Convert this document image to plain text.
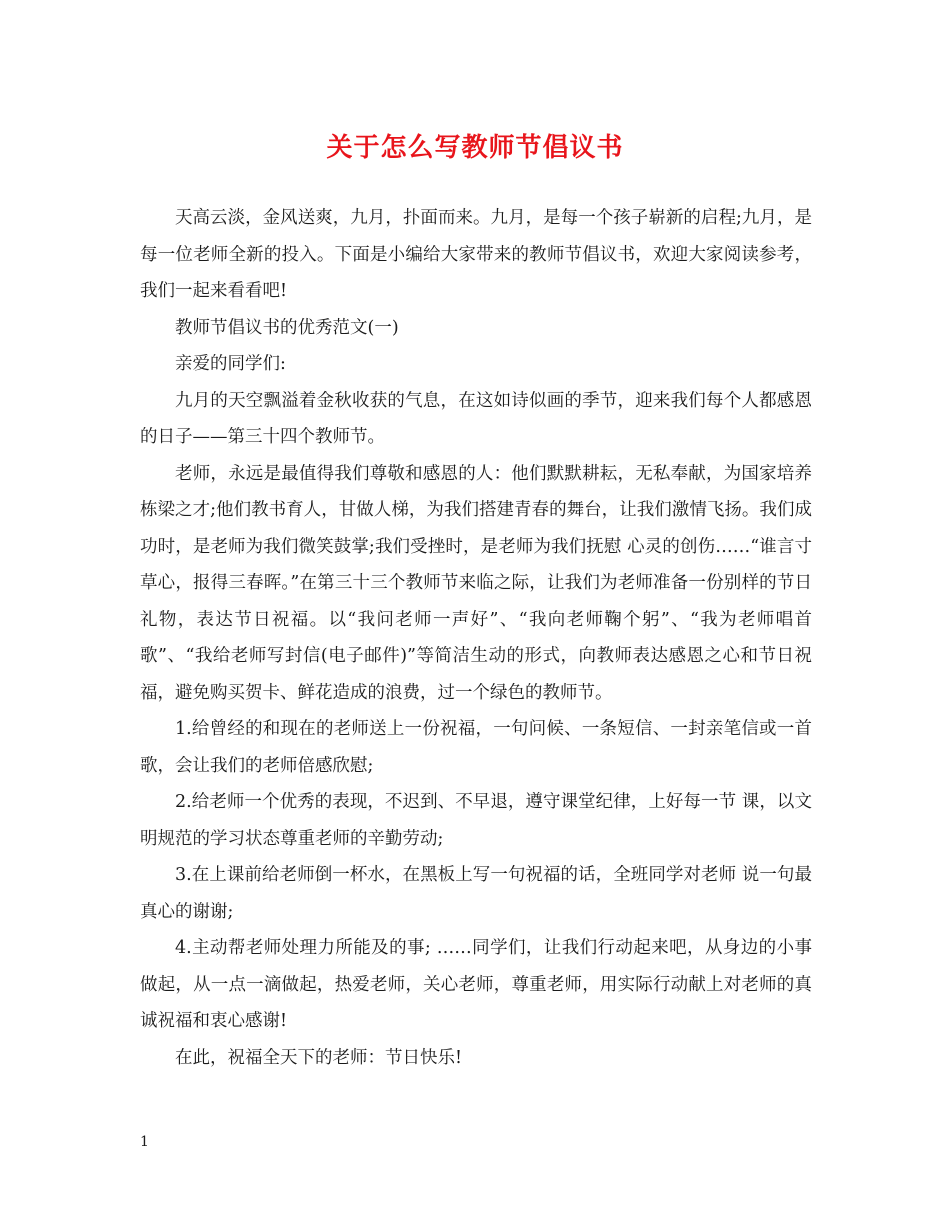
关于怎么写教师节倡议书

天高云淡，金风送爽，九月，扑面而来。九月，是每一个孩子崭新的启程;九月，是每一位老师全新的投入。下面是小编给大家带来的教师节倡议书，欢迎大家阅读参考，我们一起来看看吧!

教师节倡议书的优秀范文(一)

亲爱的同学们:

九月的天空飘溢着金秋收获的气息，在这如诗似画的季节，迎来我们每个人都感恩的日子——第三十四个教师节。

老师，永远是最值得我们尊敬和感恩的人：他们默默耕耘，无私奉献，为国家培养栋梁之才;他们教书育人，甘做人梯，为我们搭建青春的舞台，让我们激情飞扬。我们成功时，是老师为我们微笑鼓掌;我们受挫时，是老师为我们抚慰 心灵的创伤……“谁言寸草心，报得三春晖。”在第三十三个教师节来临之际，让我们为老师准备一份别样的节日礼物，表达节日祝福。以“我问老师一声好”、“我向老师鞠个躬”、“我为老师唱首歌”、“我给老师写封信(电子邮件)”等简洁生动的形式，向教师表达感恩之心和节日祝福，避免购买贺卡、鲜花造成的浪费，过一个绿色的教师节。

1.给曾经的和现在的老师送上一份祝福，一句问候、一条短信、一封亲笔信或一首歌，会让我们的老师倍感欣慰;

2.给老师一个优秀的表现，不迟到、不早退，遵守课堂纪律，上好每一节 课，以文明规范的学习状态尊重老师的辛勤劳动;

3.在上课前给老师倒一杯水，在黑板上写一句祝福的话，全班同学对老师 说一句最真心的谢谢;

4.主动帮老师处理力所能及的事; ……同学们，让我们行动起来吧，从身边的小事做起，从一点一滴做起，热爱老师，关心老师，尊重老师，用实际行动献上对老师的真诚祝福和衷心感谢!

在此，祝福全天下的老师：节日快乐!

1
